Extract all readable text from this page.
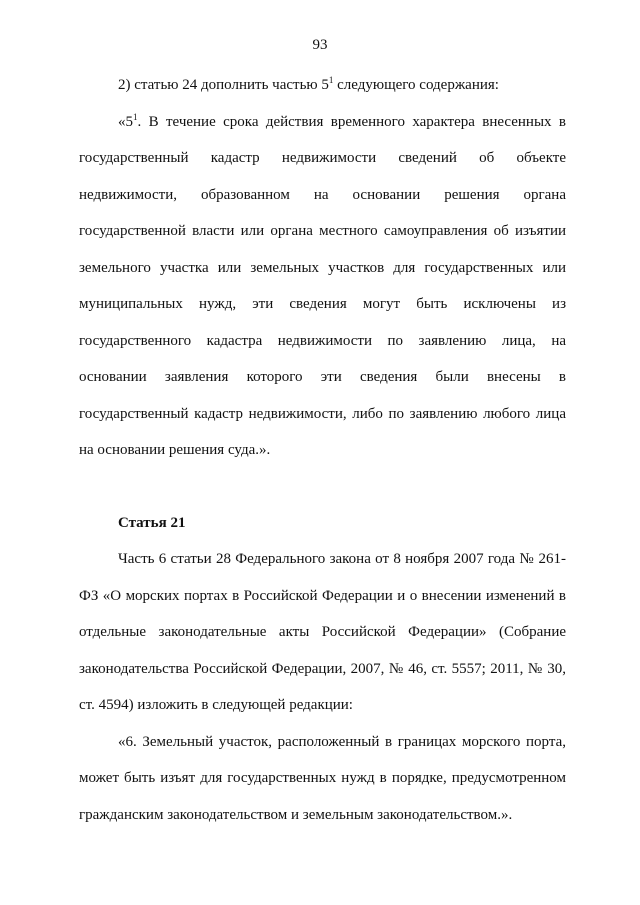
93

2) статью 24 дополнить частью $5^1$ следующего содержания:

«$5^1$. В течение срока действия временного характера внесенных в государственный кадастр недвижимости сведений об объекте недвижимости, образованном на основании решения органа государственной власти или органа местного самоуправления об изъятии земельного участка или земельных участков для государственных или муниципальных нужд, эти сведения могут быть исключены из государственного кадастра недвижимости по заявлению лица, на основании заявления которого эти сведения были внесены в государственный кадастр недвижимости, либо по заявлению любого лица на основании решения суда.».

Статья 21

Часть 6 статьи 28 Федерального закона от 8 ноября 2007 года № 261-ФЗ «О морских портах в Российской Федерации и о внесении изменений в отдельные законодательные акты Российской Федерации» (Собрание законодательства Российской Федерации, 2007, № 46, ст. 5557; 2011, № 30, ст. 4594) изложить в следующей редакции:

«6. Земельный участок, расположенный в границах морского порта, может быть изъят для государственных нужд в порядке, предусмотренном гражданским законодательством и земельным законодательством.».
